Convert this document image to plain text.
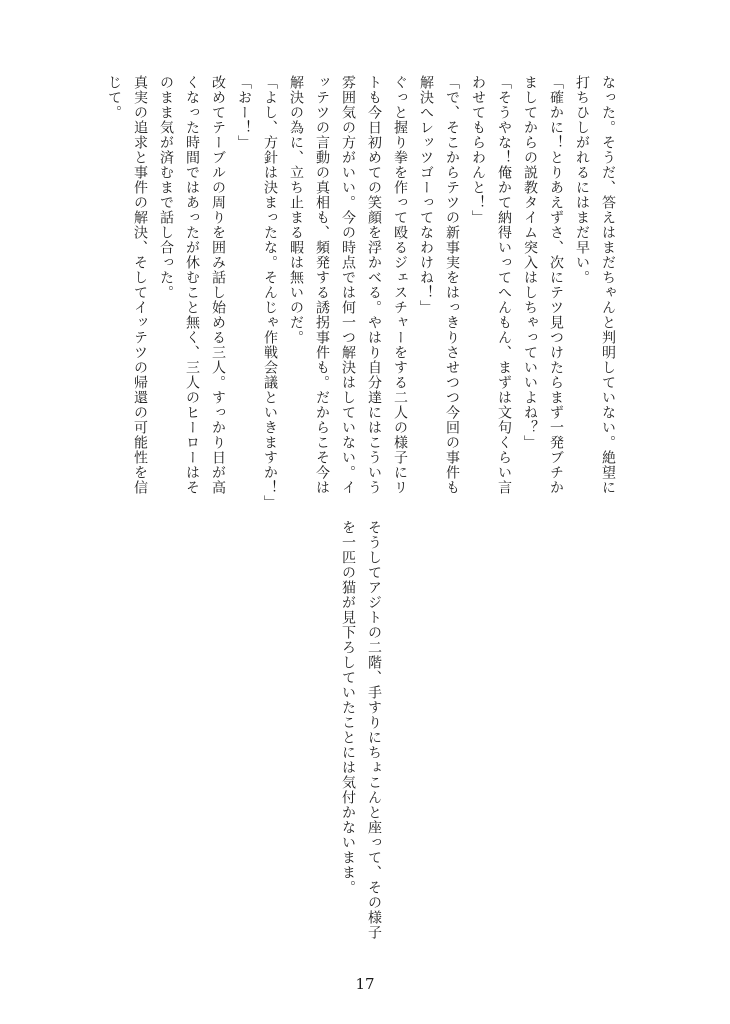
なった。そうだ、答えはまだちゃんと判明していない。絶望に
打ちひしがれるにはまだ早い。
「確かに！とりあえずさ、次にテツ見つけたらまず一発ブチか
ましてからの説教タイム突入はしちゃっていいよね？」
「そうやな！俺かて納得いってへんもん、まずは文句くらい言
わせてもらわんと！」
「で、そこからテツの新事実をはっきりさせつつ今回の事件も
解決へレッツゴーってなわけね！」
ぐっと握り拳を作って殴るジェスチャーをする二人の様子にリ
トも今日初めての笑顔を浮かべる。やはり自分達にはこういう
雰囲気の方がいい。今の時点では何一つ解決はしていない。イ
ッテツの言動の真相も、頻発する誘拐事件も。だからこそ今は
解決の為に、立ち止まる暇は無いのだ。
「よし、方針は決まったな。そんじゃ作戦会議といきますか！」
「おー！」
改めてテーブルの周りを囲み話し始める三人。すっかり日が高
くなった時間ではあったが休むこと無く、三人のヒーローはそ
のまま気が済むまで話し合った。
真実の追求と事件の解決、そしてイッテツの帰還の可能性を信
じて。
そうしてアジトの二階、手すりにちょこんと座って、その様子
を一匹の猫が見下ろしていたことには気付かないまま。
17
